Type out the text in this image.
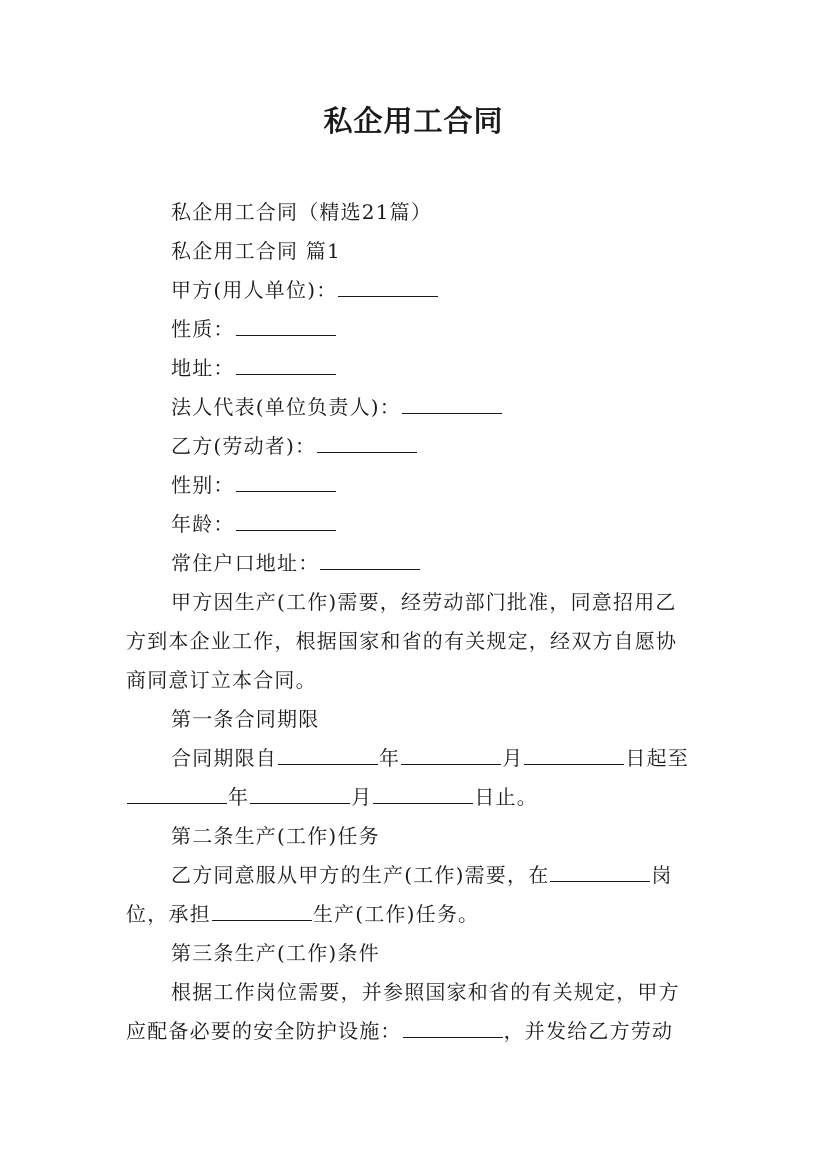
私企用工合同
私企用工合同（精选21篇）
私企用工合同 篇1
甲方(用人单位)：
性质：
地址：
法人代表(单位负责人)：
乙方(劳动者)：
性别：
年龄：
常住户口地址：
甲方因生产(工作)需要，经劳动部门批准，同意招用乙
方到本企业工作，根据国家和省的有关规定，经双方自愿协
商同意订立本合同。
第一条合同期限
合同期限自	年	月	日起至
年	月	日止。
第二条生产(工作)任务
乙方同意服从甲方的生产(工作)需要，在	岗
位，承担	生产(工作)任务。
第三条生产(工作)条件
根据工作岗位需要，并参照国家和省的有关规定，甲方
应配备必要的安全防护设施：	，并发给乙方劳动
